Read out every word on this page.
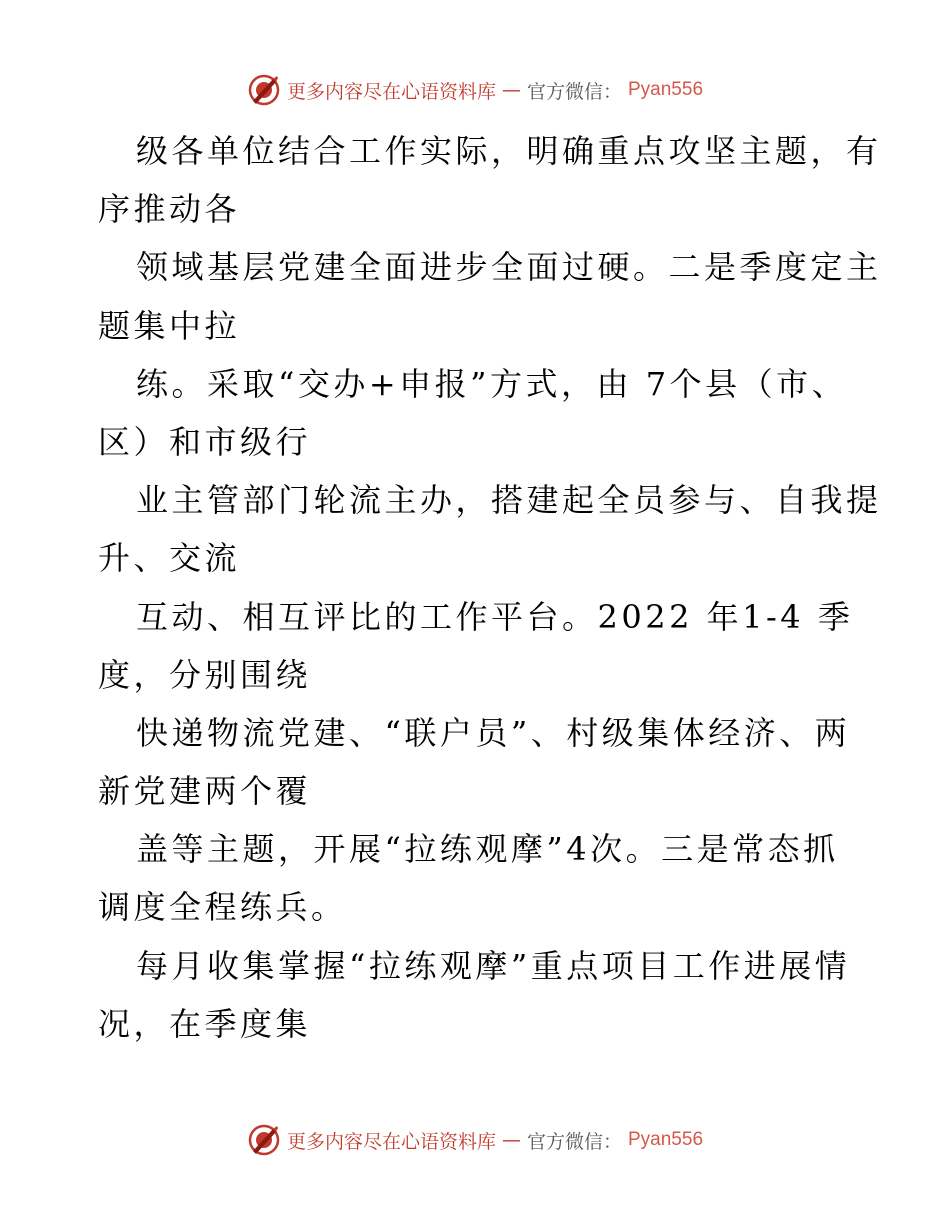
更多内容尽在心语资料库 — 官方微信： Pyan556
级各单位结合工作实际，明确重点攻坚主题，有
序推动各
领域基层党建全面进步全面过硬。二是季度定主
题集中拉
练。采取“交办+申报”方式，由 7个县（市、
区）和市级行
业主管部门轮流主办，搭建起全员参与、自我提
升、交流
互动、相互评比的工作平台。2022 年1-4 季
度，分别围绕
快递物流党建、“联户员”、村级集体经济、两
新党建两个覆
盖等主题，开展“拉练观摩”4次。三是常态抓
调度全程练兵。
每月收集掌握“拉练观摩”重点项目工作进展情
况，在季度集
更多内容尽在心语资料库 — 官方微信： Pyan556
